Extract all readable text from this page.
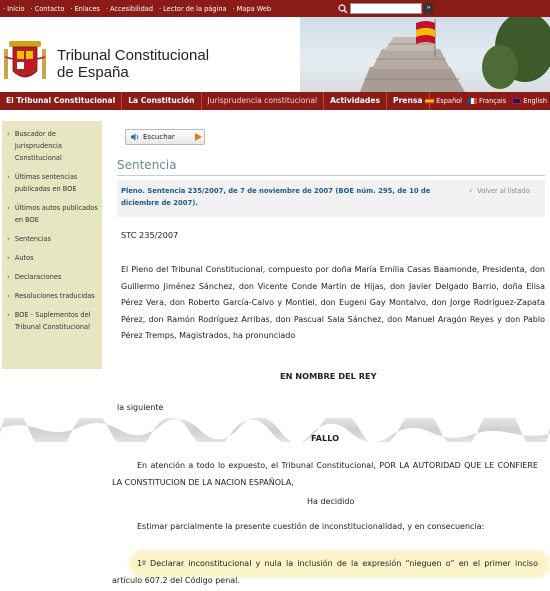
· Inicio	· Contacto	· Enlaces	· Accesibilidad	· Lector de la página	· Mapa Web	»
Tribunal Constitucional
de España
El Tribunal Constitucional	La Constitución	Jurisprudencia constitucional	Actividades	Prensa	Español	Français	English
› Buscador de Jurisprudencia Constitucional
› Últimas sentencias publicadas en BOE
› Últimos autos publicados en BOE
› Sentencias
› Autos
› Declaraciones
› Resoluciones traducidas
› BOE - Suplementos del Tribunal Constitucional
Escuchar
Sentencia
Pleno. Sentencia 235/2007, de 7 de noviembre de 2007 (BOE núm. 295, de 10 de diciembre de 2007).
‹ Volver al listado
STC 235/2007
El Pleno del Tribunal Constitucional, compuesto por doña María Emilia Casas Baamonde, Presidenta, don Guillermo Jiménez Sánchez, don Vicente Conde Martín de Hijas, don Javier Delgado Barrio, doña Elisa Pérez Vera, don Roberto García-Calvo y Montiel, don Eugeni Gay Montalvo, don Jorge Rodríguez-Zapata Pérez, don Ramón Rodríguez Arribas, don Pascual Sala Sánchez, don Manuel Aragón Reyes y don Pablo Pérez Tremps, Magistrados, ha pronunciado
EN NOMBRE DEL REY
la siguiente
FALLO
En atención a todo lo expuesto, el Tribunal Constitucional, POR LA AUTORIDAD QUE LE CONFIERE LA CONSTITUCION DE LA NACION ESPAÑOLA,
Ha decidido
Estimar parcialmente la presente cuestión de inconstitucionalidad, y en consecuencia:
1º Declarar inconstitucional y nula la inclusión de la expresión “nieguen o” en el primer inciso artículo 607.2 del Código penal.
